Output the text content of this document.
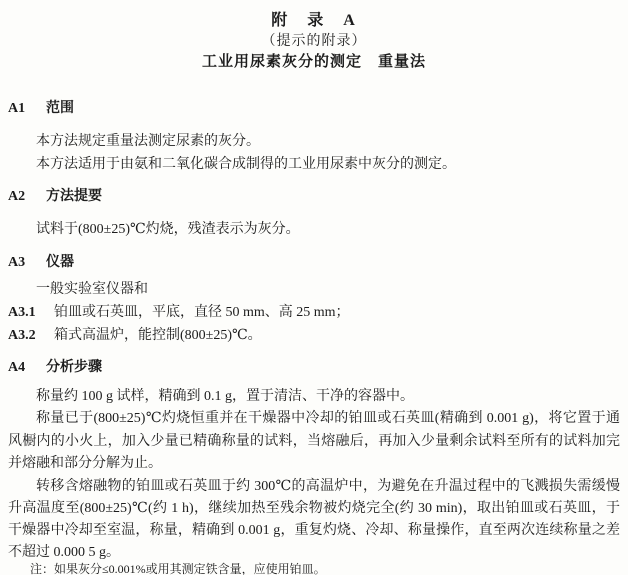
附　录　A
（提示的附录）
工业用尿素灰分的测定　重量法
A1	范围

本方法规定重量法测定尿素的灰分。

本方法适用于由氨和二氧化碳合成制得的工业用尿素中灰分的测定。

A2	方法提要

试料于(800±25)℃灼烧，残渣表示为灰分。

A3	仪器

一般实验室仪器和

A3.1	铂皿或石英皿，平底，直径 50 mm、高 25 mm；
A3.2	箱式高温炉，能控制(800±25)℃。
A4	分析步骤

称量约 100 g 试样，精确到 0.1 g，置于清洁、干净的容器中。

称量已于(800±25)℃灼烧恒重并在干燥器中冷却的铂皿或石英皿(精确到 0.001 g)，将它置于通风橱内的小火上，加入少量已精确称量的试料，当熔融后，再加入少量剩余试料至所有的试料加完并熔融和部分分解为止。

转移含熔融物的铂皿或石英皿于约 300℃的高温炉中，为避免在升温过程中的飞溅损失需缓慢升高温度至(800±25)℃(约 1 h)，继续加热至残余物被灼烧完全(约 30 min)，取出铂皿或石英皿，于干燥器中冷却至室温，称量，精确到 0.001 g，重复灼烧、冷却、称量操作，直至两次连续称量之差不超过 0.000 5 g。

注：如果灰分≤0.001%或用其测定铁含量，应使用铂皿。
